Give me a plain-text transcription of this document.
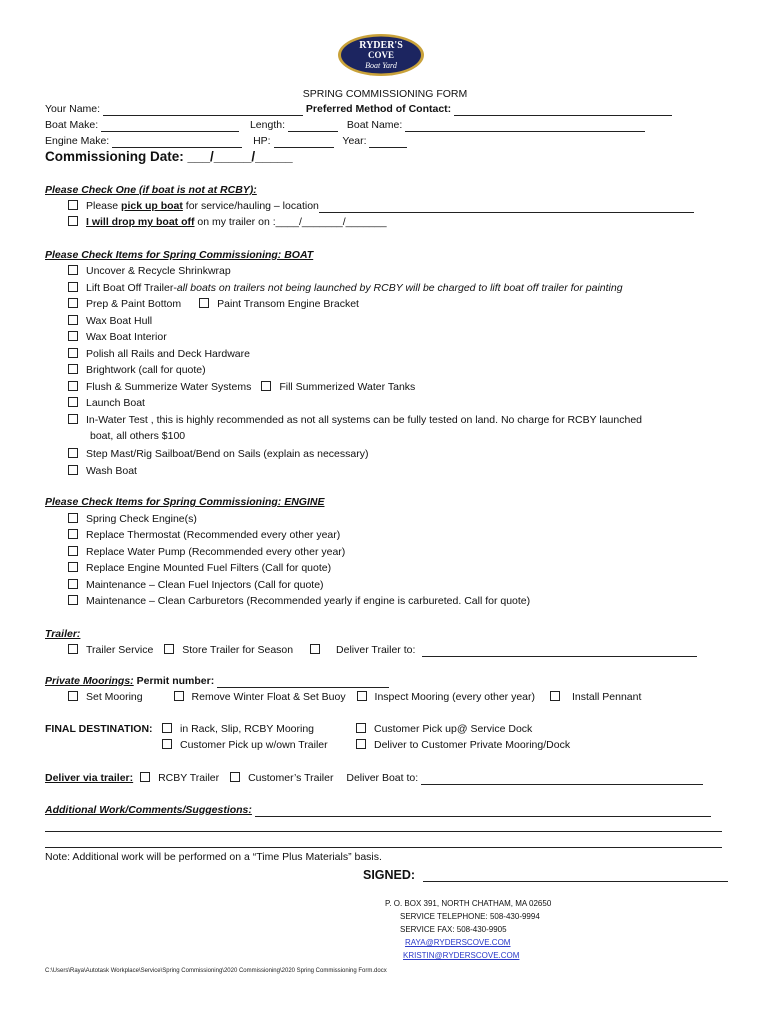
RYDER'S
COVE
Boat Yard
SPRING COMMISSIONING FORM
Your Name:	Preferred Method of Contact:
Boat Make:	Length:	Boat Name:
Engine Make:	HP:	Year:
Commissioning Date: ___/_____/_____
Please Check One (if boat is not at RCBY):
Please pick up boat for service/hauling – location
I will drop my boat off on my trailer on :____/_______/_______
Please Check Items for Spring Commissioning: BOAT
Uncover & Recycle Shrinkwrap
Lift Boat Off Trailer-all boats on trailers not being launched by RCBY will be charged to lift boat off trailer for painting
Prep & Paint Bottom	Paint Transom Engine Bracket
Wax Boat Hull
Wax Boat Interior
Polish all Rails and Deck Hardware
Brightwork (call for quote)
Flush & Summerize Water Systems	Fill Summerized Water Tanks
Launch Boat
In-Water Test , this is highly recommended as not all systems can be fully tested on land. No charge for RCBY launched
boat, all others $100
Step Mast/Rig Sailboat/Bend on Sails (explain as necessary)
Wash Boat
Please Check Items for Spring Commissioning: ENGINE
Spring Check Engine(s)
Replace Thermostat (Recommended every other year)
Replace Water Pump (Recommended every other year)
Replace Engine Mounted Fuel Filters (Call for quote)
Maintenance – Clean Fuel Injectors (Call for quote)
Maintenance – Clean Carburetors (Recommended yearly if engine is carbureted. Call for quote)
Trailer:
Trailer Service	Store Trailer for Season	Deliver Trailer to:
Private Moorings: Permit number:
Set Mooring	Remove Winter Float & Set Buoy	Inspect Mooring (every other year)	Install Pennant
FINAL DESTINATION:	in Rack, Slip, RCBY Mooring	Customer Pick up@ Service Dock
Customer Pick up w/own Trailer	Deliver to Customer Private Mooring/Dock
Deliver via trailer: RCBY Trailer	Customer’s Trailer Deliver Boat to:
Additional Work/Comments/Suggestions:
Note: Additional work will be performed on a “Time Plus Materials” basis.
SIGNED:
P. O. BOX 391, NORTH CHATHAM, MA 02650
SERVICE TELEPHONE: 508-430-9994
SERVICE FAX: 508-430-9905
RAYA@RYDERSCOVE.COM
KRISTIN@RYDERSCOVE.COM
C:\Users\Raya\Autotask Workplace\Service\Spring Commissioning\2020 Commissioning\2020 Spring Commissioning Form.docx
